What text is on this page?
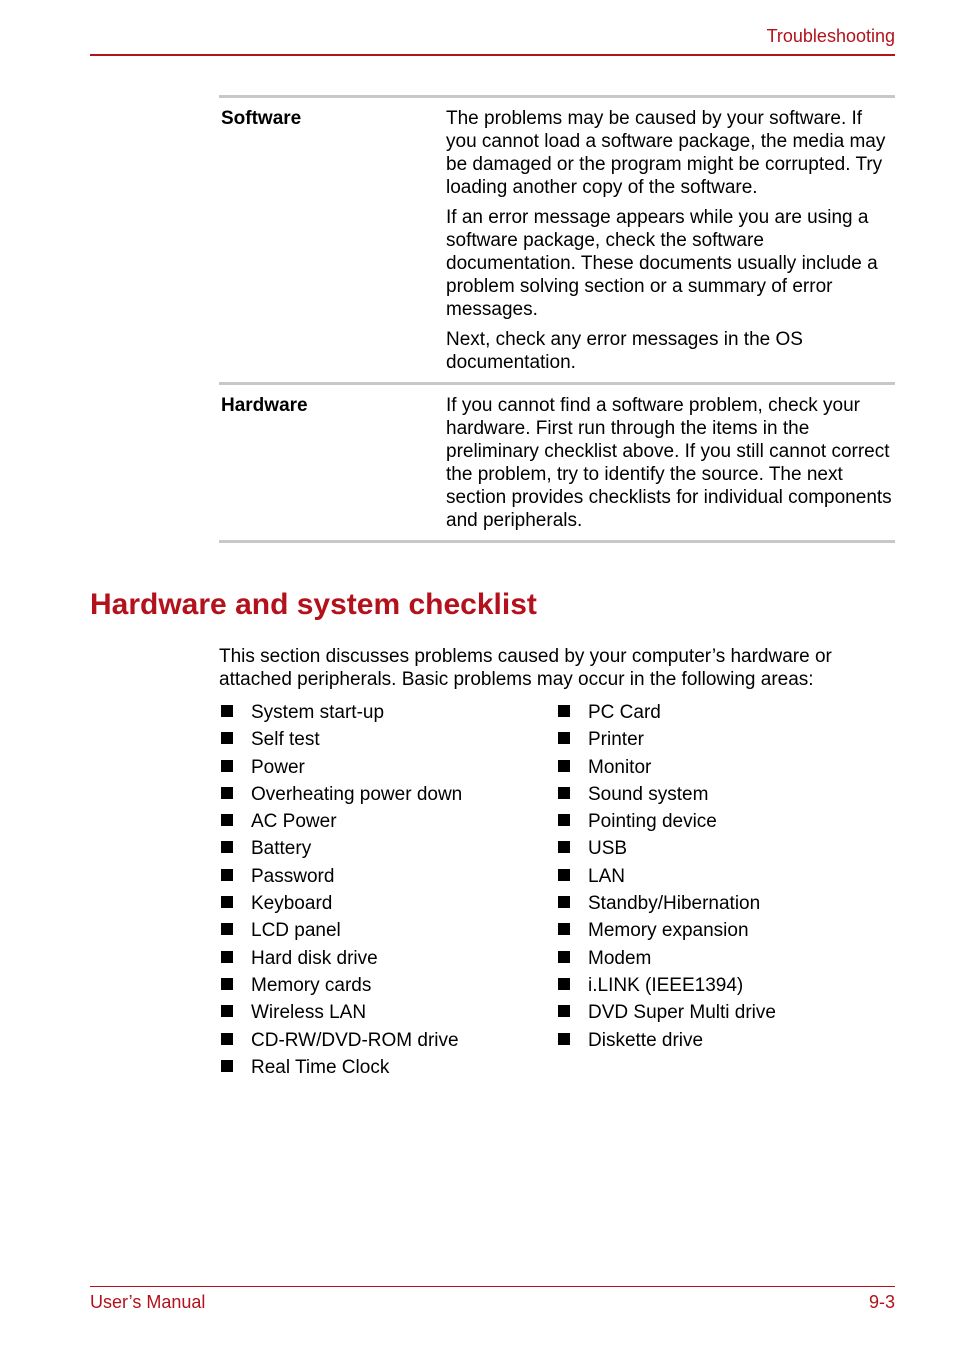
Troubleshooting
Software	The problems may be caused by your software. If you cannot load a software package, the media may be damaged or the program might be corrupted. Try loading another copy of the software.

If an error message appears while you are using a software package, check the software documentation. These documents usually include a problem solving section or a summary of error messages.

Next, check any error messages in the OS documentation.

Hardware	If you cannot find a software problem, check your hardware. First run through the items in the preliminary checklist above. If you still cannot correct the problem, try to identify the source. The next section provides checklists for individual components and peripherals.

Hardware and system checklist

This section discusses problems caused by your computer’s hardware or attached peripherals. Basic problems may occur in the following areas:

System start-up
Self test
Power
Overheating power down
AC Power
Battery
Password
Keyboard
LCD panel
Hard disk drive
Memory cards
Wireless LAN
CD-RW/DVD-ROM drive
Real Time Clock
PC Card
Printer
Monitor
Sound system
Pointing device
USB
LAN
Standby/Hibernation
Memory expansion
Modem
i.LINK (IEEE1394)
DVD Super Multi drive
Diskette drive
User’s Manual	9-3
